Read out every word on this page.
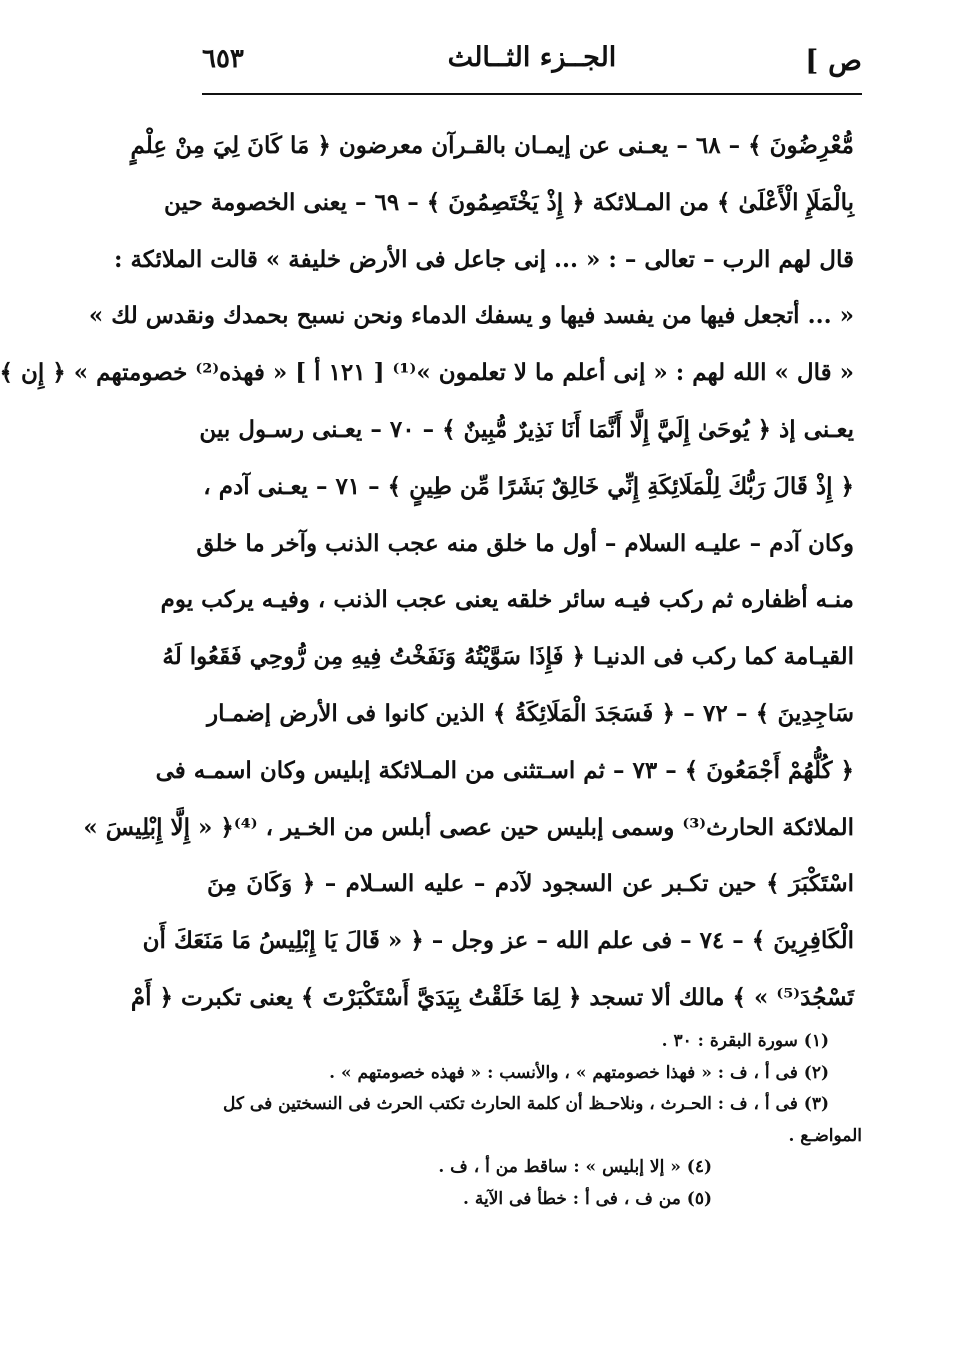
ص ]
الجــزء الثــالث
٦٥٣
مُّعْرِضُونَ ﴾ – ٦٨ – يعـنى عن إيمـان بالقـرآن معرضون ﴿ مَا كَانَ لِيَ مِنْ عِلْمٍ
بِالْمَلَإِ الْأَعْلَىٰ ﴾ من المـلائكة ﴿ إِذْ يَخْتَصِمُونَ ﴾ – ٦٩ – يعنى الخصومة حين
قال لهم الرب – تعالى – : « ... إنى جاعل فى الأرض خليفة » قالت الملائكة :
« ... أتجعل فيها من يفسد فيها و يسفك الدماء ونحن نسبح بحمدك ونقدس لك »
« قال » الله لهم : « إنى أعلم ما لا تعلمون »⁽¹⁾ [ ١٢١ أ ] « فهذه⁽²⁾ خصومتهم » ﴿ إِن ﴾
يعـنى إذ ﴿ يُوحَىٰ إِلَيَّ إِلَّا أَنَّمَا أَنَا نَذِيرٌ مُّبِينٌ ﴾ – ٧٠ – يعـنى رسـول بين
﴿ إِذْ قَالَ رَبُّكَ لِلْمَلَائِكَةِ إِنِّي خَالِقٌ بَشَرًا مِّن طِينٍ ﴾ – ٧١ – يعـنى آدم ،
وكان آدم – عليـه السلام – أول ما خلق منه عجب الذنب وآخر ما خلق
منـه أظفاره ثم ركب فيـه سائر خلقه يعنى عجب الذنب ، وفيـه يركب يوم
القيـامة كما ركب فى الدنيـا ﴿ فَإِذَا سَوَّيْتُهُ وَنَفَخْتُ فِيهِ مِن رُّوحِي فَقَعُوا لَهُ
سَاجِدِينَ ﴾ – ٧٢ – ﴿ فَسَجَدَ الْمَلَائِكَةُ ﴾ الذين كانوا فى الأرض إضمـار
﴿ كُلُّهُمْ أَجْمَعُونَ ﴾ – ٧٣ – ثم اسـتثنى من المـلائكة إبليس وكان اسمـه فى
الملائكة الحارث⁽³⁾ وسمى إبليس حين عصى أبلس من الخـير ، ⁽⁴⁾﴿ « إِلَّا إِبْلِيسَ »
اسْتَكْبَرَ ﴾ حين تكـبر عن السجود لآدم – عليه السـلام – ﴿ وَكَانَ مِنَ
الْكَافِرِينَ ﴾ – ٧٤ – فى علم الله – عز وجل – ﴿ « قَالَ يَا إِبْلِيسُ مَا مَنَعَكَ أَن
تَسْجُدَ⁽⁵⁾ » ﴾ مالك ألا تسجد ﴿ لِمَا خَلَقْتُ بِيَدَيَّ أَسْتَكْبَرْتَ ﴾ يعنى تكبرت ﴿ أَمْ
(١) سورة البقرة : ٣٠ .
(٢) فى أ ، ف : « فهذا خصومتهم » ، والأنسب : « فهذه خصومتهم » .
(٣) فى أ ، ف : الحـرث ، ونلاحـظ أن كلمة الحارث تكتب الحرث فى النسختين فى كل
المواضـع .
(٤) « إلا إبليس » : ساقط من أ ، ف .
(٥) من ف ، فى أ : خطأ فى الآية .
